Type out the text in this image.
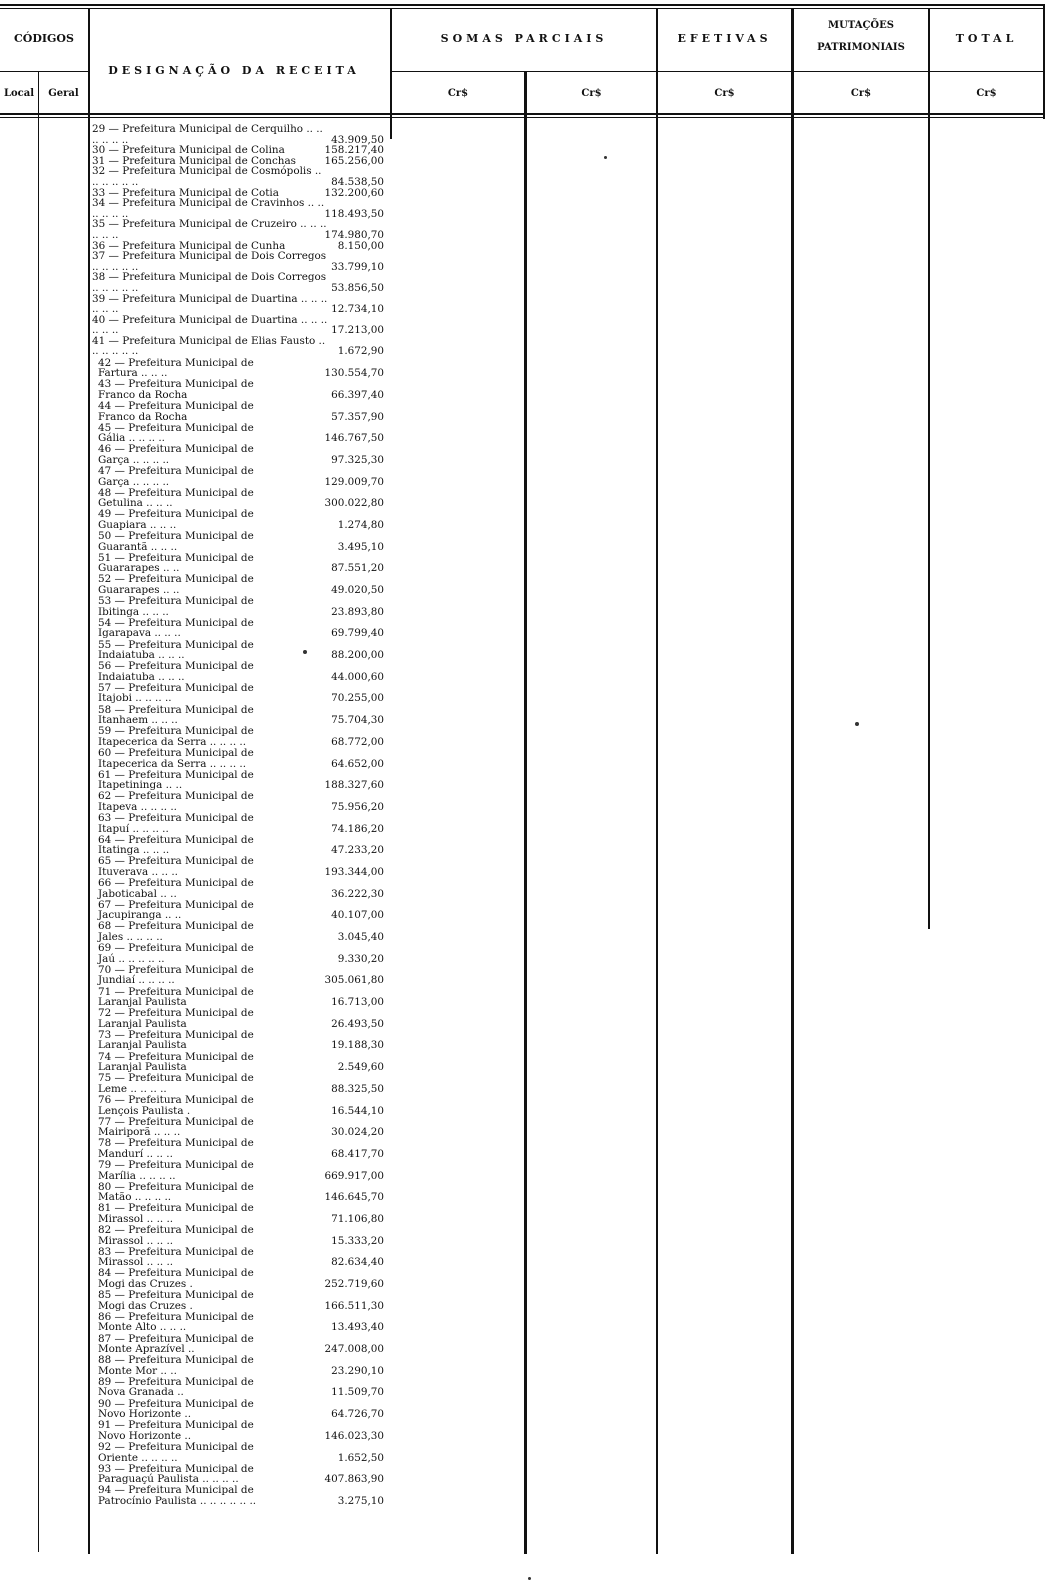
CÓDIGOS
Local	Geral
DESIGNAÇÃO DA RECEITA
SOMAS PARCIAIS	EFETIVAS
MUTAÇÕES
PATRIMONIAIS
TOTAL
Cr$	Cr$	Cr$	Cr$	Cr$
29 — Prefeitura Municipal de Cerquilho .. .. .. .. .. ..	43.909,50
30 — Prefeitura Municipal de Colina	158.217,40
31 — Prefeitura Municipal de Conchas	165.256,00
32 — Prefeitura Municipal de Cosmópolis .. .. .. .. .. ..	84.538,50
33 — Prefeitura Municipal de Cotia	132.200,60
34 — Prefeitura Municipal de Cravinhos .. .. .. .. .. ..	118.493,50
35 — Prefeitura Municipal de Cruzeiro .. .. .. .. .. ..	174.980,70
36 — Prefeitura Municipal de Cunha	8.150,00
37 — Prefeitura Municipal de Dois Corregos .. .. .. .. ..	33.799,10
38 — Prefeitura Municipal de Dois Corregos .. .. .. .. ..	53.856,50
39 — Prefeitura Municipal de Duartina .. .. .. .. .. ..	12.734,10
40 — Prefeitura Municipal de Duartina .. .. .. .. .. ..	17.213,00
41 — Prefeitura Municipal de Elias Fausto .. .. .. .. .. ..	1.672,90
42 — Prefeitura Municipal de Fartura .. .. ..	130.554,70
43 — Prefeitura Municipal de Franco da Rocha	66.397,40
44 — Prefeitura Municipal de Franco da Rocha	57.357,90
45 — Prefeitura Municipal de Gália .. .. .. ..	146.767,50
46 — Prefeitura Municipal de Garça .. .. .. ..	97.325,30
47 — Prefeitura Municipal de Garça .. .. .. ..	129.009,70
48 — Prefeitura Municipal de Getulina .. .. ..	300.022,80
49 — Prefeitura Municipal de Guapiara .. .. ..	1.274,80
50 — Prefeitura Municipal de Guarantã .. .. ..	3.495,10
51 — Prefeitura Municipal de Guararapes .. ..	87.551,20
52 — Prefeitura Municipal de Guararapes .. ..	49.020,50
53 — Prefeitura Municipal de Ibitinga .. .. ..	23.893,80
54 — Prefeitura Municipal de Igarapava .. .. ..	69.799,40
55 — Prefeitura Municipal de Indaiatuba .. .. ..	88.200,00
56 — Prefeitura Municipal de Indaiatuba .. .. ..	44.000,60
57 — Prefeitura Municipal de Itajobi .. .. .. ..	70.255,00
58 — Prefeitura Municipal de Itanhaem .. .. ..	75.704,30
59 — Prefeitura Municipal de Itapecerica da Serra .. .. .. ..	68.772,00
60 — Prefeitura Municipal de Itapecerica da Serra .. .. .. ..	64.652,00
61 — Prefeitura Municipal de Itapetininga .. ..	188.327,60
62 — Prefeitura Municipal de Itapeva .. .. .. ..	75.956,20
63 — Prefeitura Municipal de Itapuí .. .. .. ..	74.186,20
64 — Prefeitura Municipal de Itatinga .. .. ..	47.233,20
65 — Prefeitura Municipal de Ituverava .. .. ..	193.344,00
66 — Prefeitura Municipal de Jaboticabal .. ..	36.222,30
67 — Prefeitura Municipal de Jacupiranga .. ..	40.107,00
68 — Prefeitura Municipal de Jales .. .. .. ..	3.045,40
69 — Prefeitura Municipal de Jaú .. .. .. .. ..	9.330,20
70 — Prefeitura Municipal de Jundiaí .. .. .. ..	305.061,80
71 — Prefeitura Municipal de Laranjal Paulista	16.713,00
72 — Prefeitura Municipal de Laranjal Paulista	26.493,50
73 — Prefeitura Municipal de Laranjal Paulista	19.188,30
74 — Prefeitura Municipal de Laranjal Paulista	2.549,60
75 — Prefeitura Municipal de Leme .. .. .. ..	88.325,50
76 — Prefeitura Municipal de Lençois Paulista .	16.544,10
77 — Prefeitura Municipal de Mairiporã .. .. ..	30.024,20
78 — Prefeitura Municipal de Mandurí .. .. ..	68.417,70
79 — Prefeitura Municipal de Marília .. .. .. ..	669.917,00
80 — Prefeitura Municipal de Matão .. .. .. ..	146.645,70
81 — Prefeitura Municipal de Mirassol .. .. ..	71.106,80
82 — Prefeitura Municipal de Mirassol .. .. ..	15.333,20
83 — Prefeitura Municipal de Mirassol .. .. ..	82.634,40
84 — Prefeitura Municipal de Mogi das Cruzes .	252.719,60
85 — Prefeitura Municipal de Mogi das Cruzes .	166.511,30
86 — Prefeitura Municipal de Monte Alto .. .. ..	13.493,40
87 — Prefeitura Municipal de Monte Aprazível ..	247.008,00
88 — Prefeitura Municipal de Monte Mor .. ..	23.290,10
89 — Prefeitura Municipal de Nova Granada ..	11.509,70
90 — Prefeitura Municipal de Novo Horizonte ..	64.726,70
91 — Prefeitura Municipal de Novo Horizonte ..	146.023,30
92 — Prefeitura Municipal de Oriente .. .. .. ..	1.652,50
93 — Prefeitura Municipal de Paraguaçú Paulista .. .. .. ..	407.863,90
94 — Prefeitura Municipal de Patrocínio Paulista .. .. .. .. .. ..	3.275,10
